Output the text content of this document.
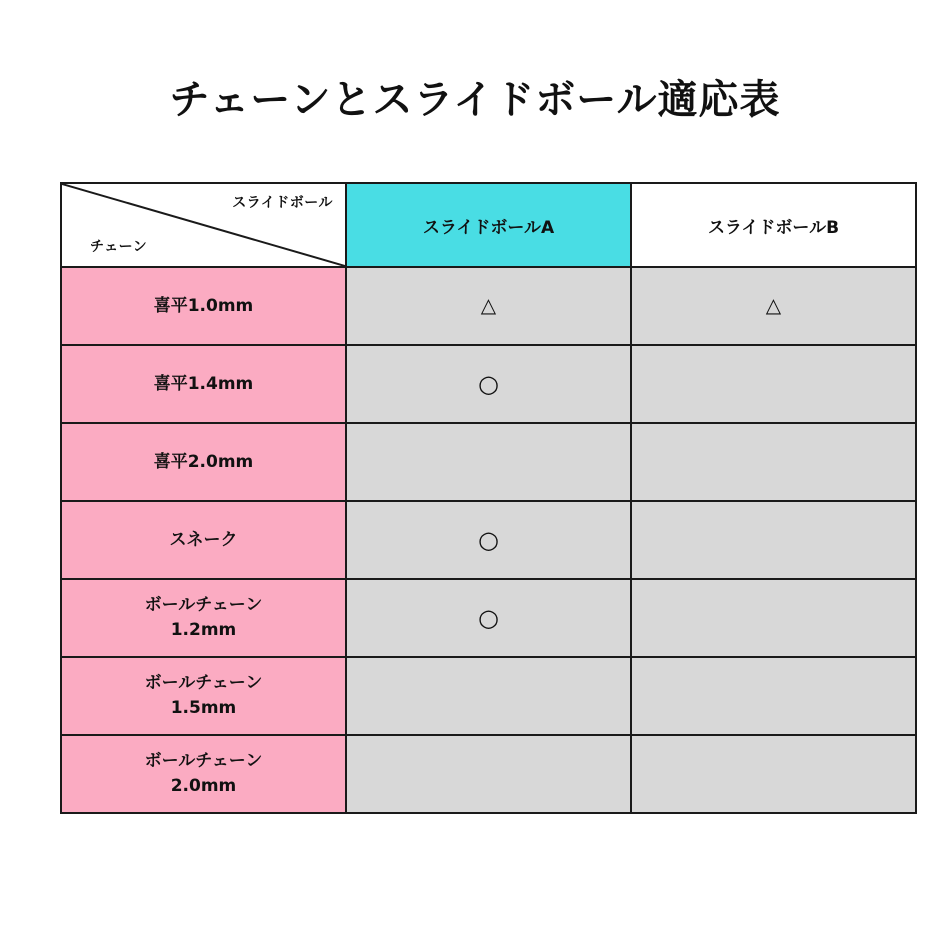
チェーンとスライドボール適応表
スライドボール
チェーン	スライドボールA	スライドボールB
喜平1.0mm	△	△
喜平1.4mm	○	
喜平2.0mm		
スネーク	○	

ボールチェーン
1.2mm	○	

ボールチェーン
1.5mm		

ボールチェーン
2.0mm		
